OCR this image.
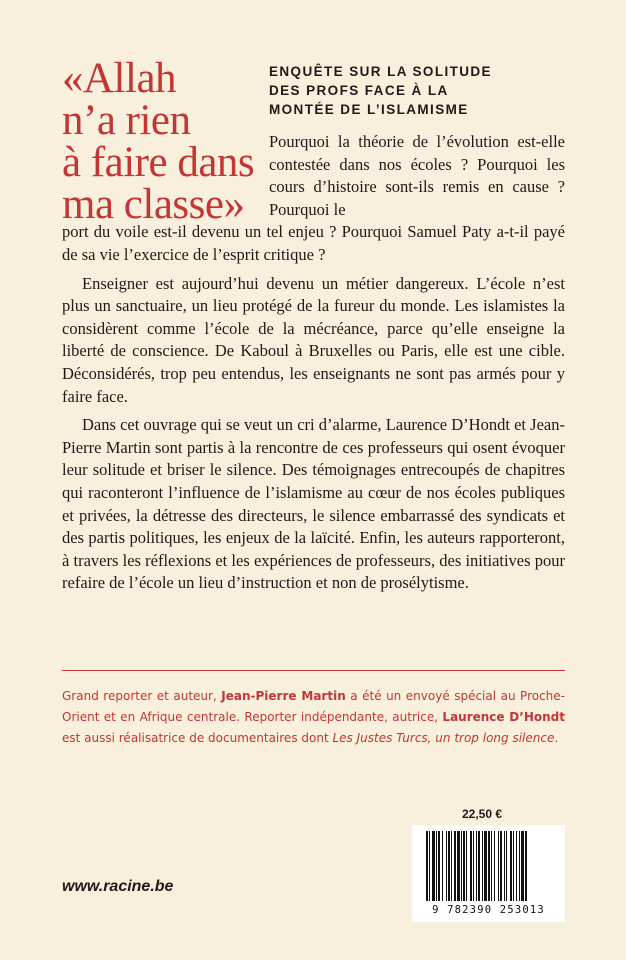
«Allah
n’a rien
à faire dans
ma classe»
ENQUÊTE SUR LA SOLITUDE
DES PROFS FACE À LA
MONTÉE DE L’ISLAMISME

Pourquoi la théorie de l’évolution est-elle contestée dans nos écoles ? Pourquoi les cours d’histoire sont-ils remis en cause ? Pourquoi le

port du voile est-il devenu un tel enjeu ? Pourquoi Samuel Paty a-t-il payé de sa vie l’exercice de l’esprit critique ?

Enseigner est aujourd’hui devenu un métier dangereux. L’école n’est plus un sanctuaire, un lieu protégé de la fureur du monde. Les islamistes la considèrent comme l’école de la mécréance, parce qu’elle enseigne la liberté de conscience. De Kaboul à Bruxelles ou Paris, elle est une cible. Déconsidérés, trop peu entendus, les enseignants ne sont pas armés pour y faire face.

Dans cet ouvrage qui se veut un cri d’alarme, Laurence D’Hondt et Jean-Pierre Martin sont partis à la rencontre de ces professeurs qui osent évoquer leur solitude et briser le silence. Des témoignages entrecoupés de chapitres qui raconteront l’influence de l’islamisme au cœur de nos écoles publiques et privées, la détresse des directeurs, le silence embarrassé des syndicats et des partis politiques, les enjeux de la laïcité. Enfin, les auteurs rapporteront, à travers les réflexions et les expériences de professeurs, des initiatives pour refaire de l’école un lieu d’instruction et non de prosélytisme.

Grand reporter et auteur, Jean-Pierre Martin a été un envoyé spécial au Proche-Orient et en Afrique centrale. Reporter indépendante, autrice, Laurence D’Hondt est aussi réalisatrice de documentaires dont Les Justes Turcs, un trop long silence.
22,50 €
9 782390 253013
www.racine.be
